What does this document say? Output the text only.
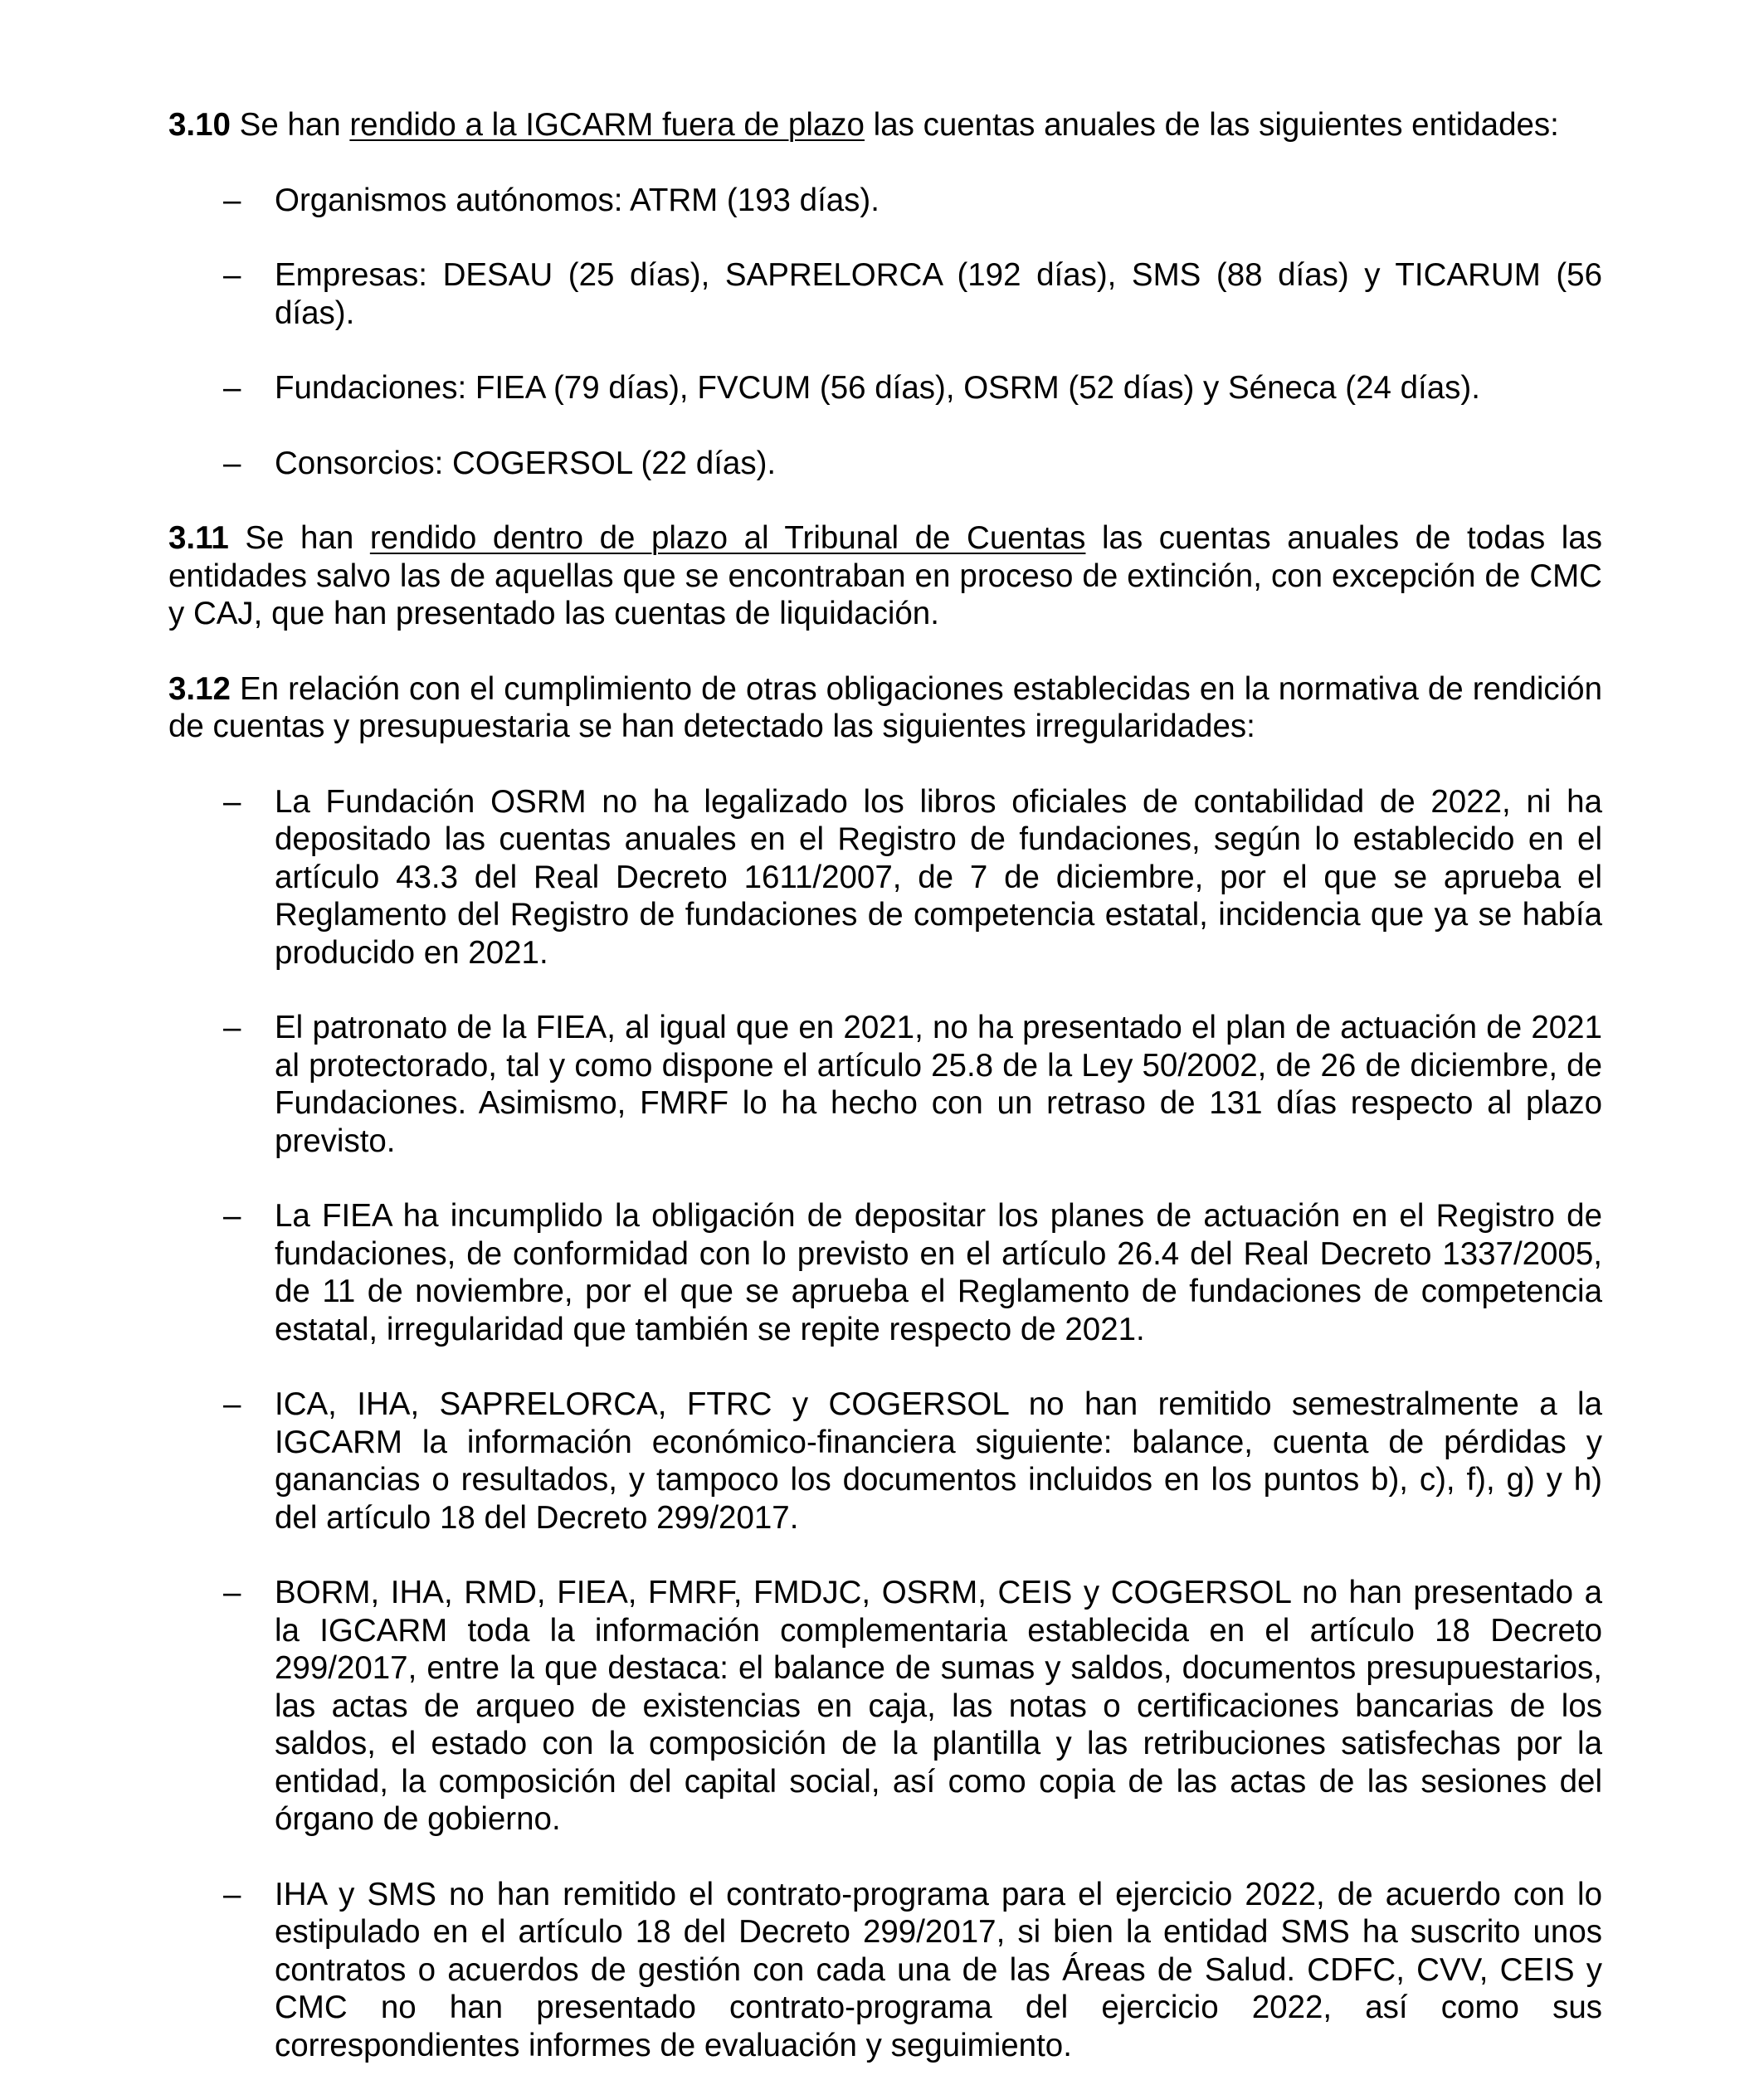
3.10 Se han rendido a la IGCARM fuera de plazo las cuentas anuales de las siguientes entidades:

– Organismos autónomos: ATRM (193 días).
– Empresas: DESAU (25 días), SAPRELORCA (192 días), SMS (88 días) y TICARUM (56 días).
– Fundaciones: FIEA (79 días), FVCUM (56 días), OSRM (52 días) y Séneca (24 días).
– Consorcios: COGERSOL (22 días).

3.11 Se han rendido dentro de plazo al Tribunal de Cuentas las cuentas anuales de todas las entidades salvo las de aquellas que se encontraban en proceso de extinción, con excepción de CMC y CAJ, que han presentado las cuentas de liquidación.

3.12 En relación con el cumplimiento de otras obligaciones establecidas en la normativa de rendición de cuentas y presupuestaria se han detectado las siguientes irregularidades:

– La Fundación OSRM no ha legalizado los libros oficiales de contabilidad de 2022, ni ha depositado las cuentas anuales en el Registro de fundaciones, según lo establecido en el artículo 43.3 del Real Decreto 1611/2007, de 7 de diciembre, por el que se aprueba el Reglamento del Registro de fundaciones de competencia estatal, incidencia que ya se había producido en 2021.
– El patronato de la FIEA, al igual que en 2021, no ha presentado el plan de actuación de 2021 al protectorado, tal y como dispone el artículo 25.8 de la Ley 50/2002, de 26 de diciembre, de Fundaciones. Asimismo, FMRF lo ha hecho con un retraso de 131 días respecto al plazo previsto.
– La FIEA ha incumplido la obligación de depositar los planes de actuación en el Registro de fundaciones, de conformidad con lo previsto en el artículo 26.4 del Real Decreto 1337/2005, de 11 de noviembre, por el que se aprueba el Reglamento de fundaciones de competencia estatal, irregularidad que también se repite respecto de 2021.
– ICA, IHA, SAPRELORCA, FTRC y COGERSOL no han remitido semestralmente a la IGCARM la información económico-financiera siguiente: balance, cuenta de pérdidas y ganancias o resultados, y tampoco los documentos incluidos en los puntos b), c), f), g) y h) del artículo 18 del Decreto 299/2017.
– BORM, IHA, RMD, FIEA, FMRF, FMDJC, OSRM, CEIS y COGERSOL no han presentado a la IGCARM toda la información complementaria establecida en el artículo 18 Decreto 299/2017, entre la que destaca: el balance de sumas y saldos, documentos presupuestarios, las actas de arqueo de existencias en caja, las notas o certificaciones bancarias de los saldos, el estado con la composición de la plantilla y las retribuciones satisfechas por la entidad, la composición del capital social, así como copia de las actas de las sesiones del órgano de gobierno.
– IHA y SMS no han remitido el contrato-programa para el ejercicio 2022, de acuerdo con lo estipulado en el artículo 18 del Decreto 299/2017, si bien la entidad SMS ha suscrito unos contratos o acuerdos de gestión con cada una de las Áreas de Salud. CDFC, CVV, CEIS y CMC no han presentado contrato-programa del ejercicio 2022, así como sus correspondientes informes de evaluación y seguimiento.
